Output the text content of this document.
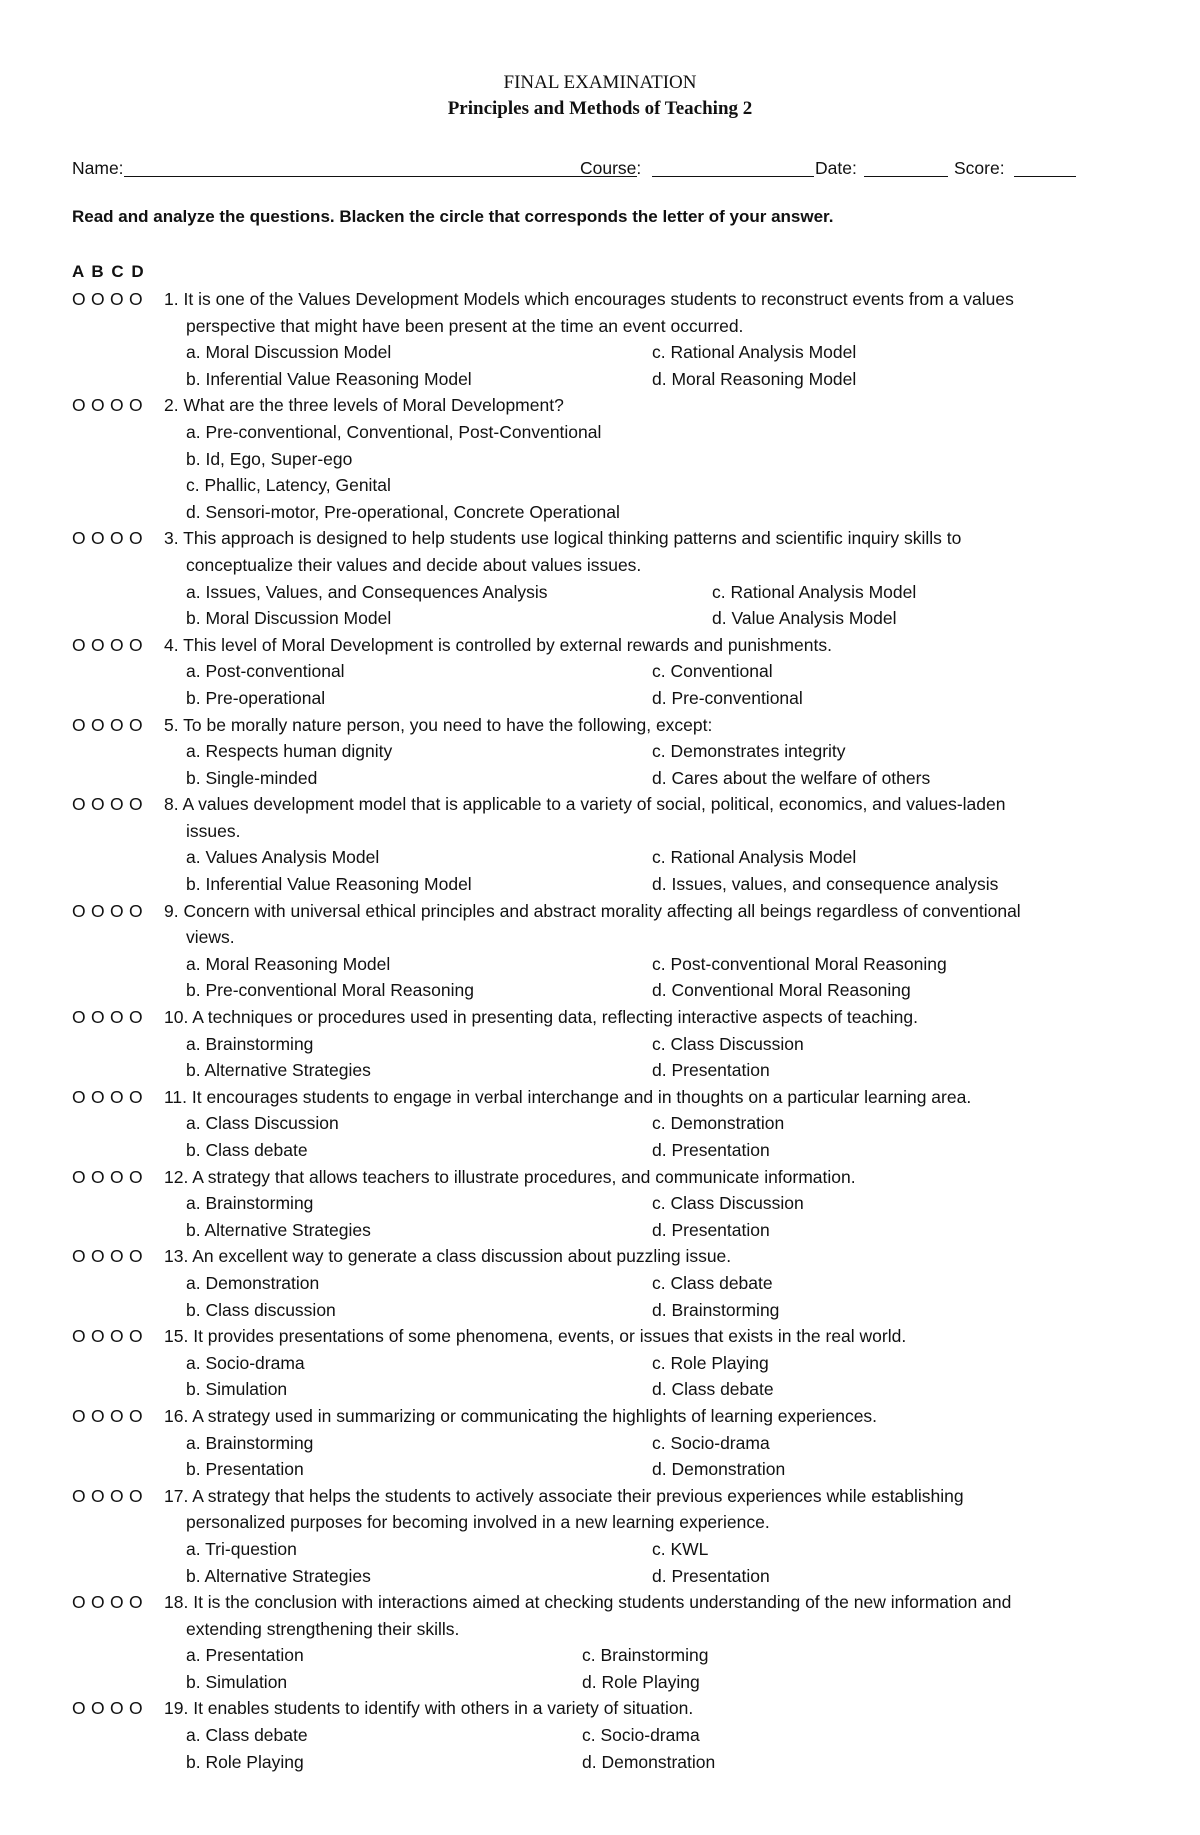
FINAL EXAMINATION
Principles and Methods of Teaching 2
Name:	Course:	Date:	Score:
Read and analyze the questions. Blacken the circle that corresponds the letter of your answer.
A B C D
O O O O 1. It is one of the Values Development Models which encourages students to reconstruct events from a values
perspective that might have been present at the time an event occurred.
a. Moral Discussion Model	c. Rational Analysis Model
b. Inferential Value Reasoning Model	d. Moral Reasoning Model
O O O O 2. What are the three levels of Moral Development?
a. Pre-conventional, Conventional, Post-Conventional
b. Id, Ego, Super-ego
c. Phallic, Latency, Genital
d. Sensori-motor, Pre-operational, Concrete Operational
O O O O 3. This approach is designed to help students use logical thinking patterns and scientific inquiry skills to
conceptualize their values and decide about values issues.
a. Issues, Values, and Consequences Analysis	c. Rational Analysis Model
b. Moral Discussion Model	d. Value Analysis Model
O O O O 4. This level of Moral Development is controlled by external rewards and punishments.
a. Post-conventional	c. Conventional
b. Pre-operational	d. Pre-conventional
O O O O 5. To be morally nature person, you need to have the following, except:
a. Respects human dignity	c. Demonstrates integrity
b. Single-minded	d. Cares about the welfare of others
O O O O 8. A values development model that is applicable to a variety of social, political, economics, and values-laden
issues.
a. Values Analysis Model	c. Rational Analysis Model
b. Inferential Value Reasoning Model	d. Issues, values, and consequence analysis
O O O O 9. Concern with universal ethical principles and abstract morality affecting all beings regardless of conventional
views.
a. Moral Reasoning Model	c. Post-conventional Moral Reasoning
b. Pre-conventional Moral Reasoning	d. Conventional Moral Reasoning
O O O O 10. A techniques or procedures used in presenting data, reflecting interactive aspects of teaching.
a. Brainstorming	c. Class Discussion
b. Alternative Strategies	d. Presentation
O O O O 11. It encourages students to engage in verbal interchange and in thoughts on a particular learning area.
a. Class Discussion	c. Demonstration
b. Class debate	d. Presentation
O O O O 12. A strategy that allows teachers to illustrate procedures, and communicate information.
a. Brainstorming	c. Class Discussion
b. Alternative Strategies	d. Presentation
O O O O 13. An excellent way to generate a class discussion about puzzling issue.
a. Demonstration	c. Class debate
b. Class discussion	d. Brainstorming
O O O O 15. It provides presentations of some phenomena, events, or issues that exists in the real world.
a. Socio-drama	c. Role Playing
b. Simulation	d. Class debate
O O O O 16. A strategy used in summarizing or communicating the highlights of learning experiences.
a. Brainstorming	c. Socio-drama
b. Presentation	d. Demonstration
O O O O 17. A strategy that helps the students to actively associate their previous experiences while establishing
personalized purposes for becoming involved in a new learning experience.
a. Tri-question	c. KWL
b. Alternative Strategies	d. Presentation
O O O O 18. It is the conclusion with interactions aimed at checking students understanding of the new information and
extending strengthening their skills.
a. Presentation	c. Brainstorming
b. Simulation	d. Role Playing
O O O O 19. It enables students to identify with others in a variety of situation.
a. Class debate	c. Socio-drama
b. Role Playing	d. Demonstration
